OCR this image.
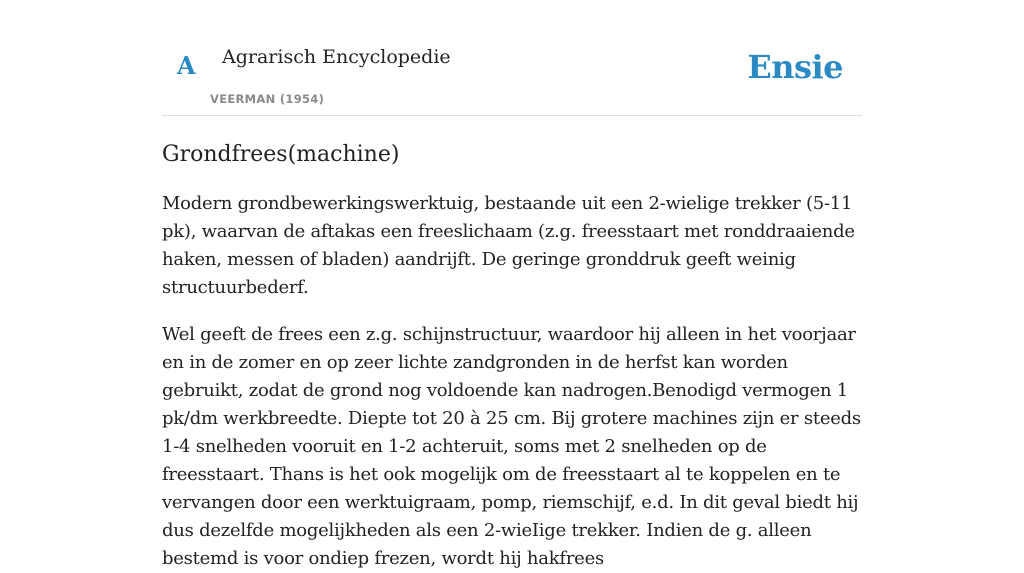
A Agrarisch Encyclopedie
VEERMAN (1954)
Ensie
Grondfrees(machine)

Modern grondbewerkingswerktuig, bestaande uit een 2-wielige trekker (5-11 pk), waarvan de aftakas een freeslichaam (z.g. freesstaart met ronddraaiende haken, messen of bladen) aandrijft. De geringe gronddruk geeft weinig structuurbederf.

Wel geeft de frees een z.g. schijnstructuur, waardoor hij alleen in het voorjaar en in de zomer en op zeer lichte zandgronden in de herfst kan worden gebruikt, zodat de grond nog voldoende kan nadrogen.Benodigd vermogen 1 pk/dm werkbreedte. Diepte tot 20 à 25 cm. Bij grotere machines zijn er steeds 1-4 snelheden vooruit en 1-2 achteruit, soms met 2 snelheden op de freesstaart. Thans is het ook mogelijk om de freesstaart al te koppelen en te vervangen door een werktuigraam, pomp, riemschijf, e.d. In dit geval biedt hij dus dezelfde mogelijkheden als een 2-wieIige trekker. Indien de g. alleen bestemd is voor ondiep frezen, wordt hij hakfrees
